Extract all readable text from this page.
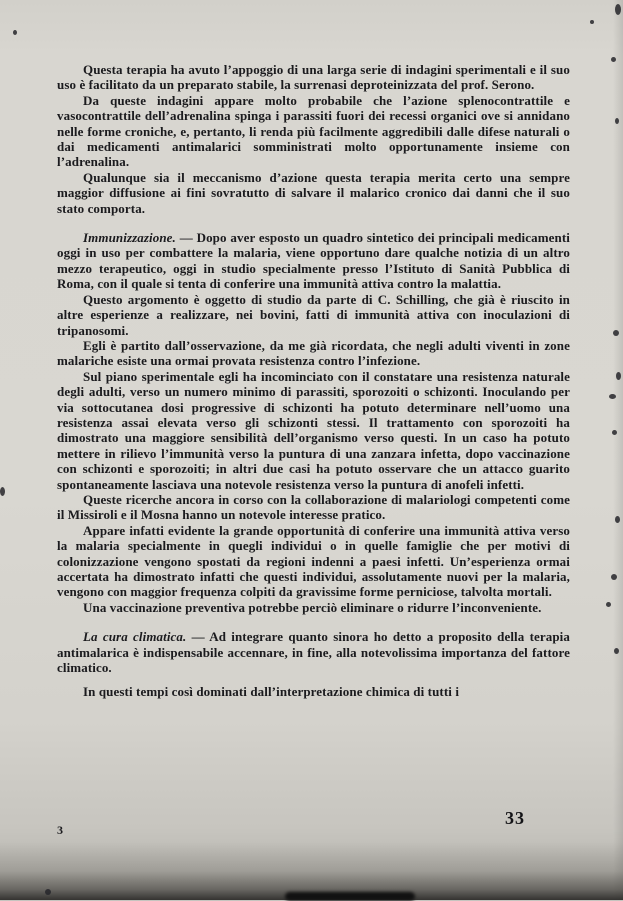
Questa terapia ha avuto l’appoggio di una larga serie di indagini sperimentali e il suo uso è facilitato da un preparato stabile, la surrenasi deproteinizzata del prof. Serono.

Da queste indagini appare molto probabile che l’azione splenocontrattile e vasocontrattile dell’adrenalina spinga i parassiti fuori dei recessi organici ove si annidano nelle forme croniche, e, pertanto, li renda più facilmente aggredibili dalle difese naturali o dai medicamenti antimalarici somministrati molto opportunamente insieme con l’adrenalina.

Qualunque sia il meccanismo d’azione questa terapia merita certo una sempre maggior diffusione ai fini sovratutto di salvare il malarico cronico dai danni che il suo stato comporta.

Immunizzazione. — Dopo aver esposto un quadro sintetico dei principali medicamenti oggi in uso per combattere la malaria, viene opportuno dare qualche notizia di un altro mezzo terapeutico, oggi in studio specialmente presso l’Istituto di Sanità Pubblica di Roma, con il quale si tenta di conferire una immunità attiva contro la malattia.

Questo argomento è oggetto di studio da parte di C. Schilling, che già è riuscito in altre esperienze a realizzare, nei bovini, fatti di immunità attiva con inoculazioni di tripanosomi.

Egli è partito dall’osservazione, da me già ricordata, che negli adulti viventi in zone malariche esiste una ormai provata resistenza contro l’infezione.

Sul piano sperimentale egli ha incominciato con il constatare una resistenza naturale degli adulti, verso un numero minimo di parassiti, sporozoiti o schizonti. Inoculando per via sottocutanea dosi progressive di schizonti ha potuto determinare nell’uomo una resistenza assai elevata verso gli schizonti stessi. Il trattamento con sporozoiti ha dimostrato una maggiore sensibilità dell’organismo verso questi. In un caso ha potuto mettere in rilievo l’immunità verso la puntura di una zanzara infetta, dopo vaccinazione con schizonti e sporozoiti; in altri due casi ha potuto osservare che un attacco guarito spontaneamente lasciava una notevole resistenza verso la puntura di anofeli infetti.

Queste ricerche ancora in corso con la collaborazione di malariologi competenti come il Missiroli e il Mosna hanno un notevole interesse pratico.

Appare infatti evidente la grande opportunità di conferire una immunità attiva verso la malaria specialmente in quegli individui o in quelle famiglie che per motivi di colonizzazione vengono spostati da regioni indenni a paesi infetti. Un’esperienza ormai accertata ha dimostrato infatti che questi individui, assolutamente nuovi per la malaria, vengono con maggior frequenza colpiti da gravissime forme perniciose, talvolta mortali.

Una vaccinazione preventiva potrebbe perciò eliminare o ridurre l’inconveniente.

La cura climatica. — Ad integrare quanto sinora ho detto a proposito della terapia antimalarica è indispensabile accennare, in fine, alla notevolissima importanza del fattore climatico.

In questi tempi così dominati dall’interpretazione chimica di tutti i

33
3
